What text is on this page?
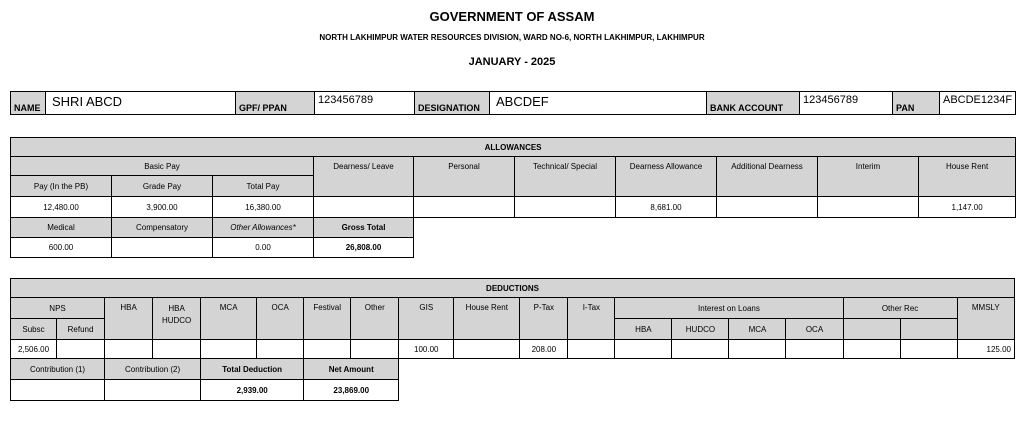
GOVERNMENT OF ASSAM
NORTH LAKHIMPUR WATER RESOURCES DIVISION, WARD NO-6, NORTH LAKHIMPUR, LAKHIMPUR
JANUARY - 2025
NAME	SHRI ABCD	GPF/ PPAN	123456789	DESIGNATION	ABCDEF	BANK ACCOUNT	123456789	PAN	ABCDE1234F
ALLOWANCES									
Basic Pay			Dearness/ Leave	Personal	Technical/ Special	Dearness Allowance	Additional Dearness	Interim	House Rent
Pay (In the PB)	Grade Pay	Total Pay							
12,480.00	3,900.00	16,380.00				8,681.00			1,147.00
Medical	Compensatory	Other Allowances*	Gross Total						
600.00		0.00	26,808.00						
DEDUCTIONS																		
NPS		HBA	HBA HUDCO	MCA	OCA	Festival	Other	GIS	House Rent	P-Tax	I-Tax	Interest on Loans				Other Rec		MMSLY
Subsc	Refund											HBA	HUDCO	MCA	OCA			
2,506.00								100.00		208.00								125.00
Contribution (1)		Contribution (2)		Total Deduction		Net Amount												
				2,939.00		23,869.00												
